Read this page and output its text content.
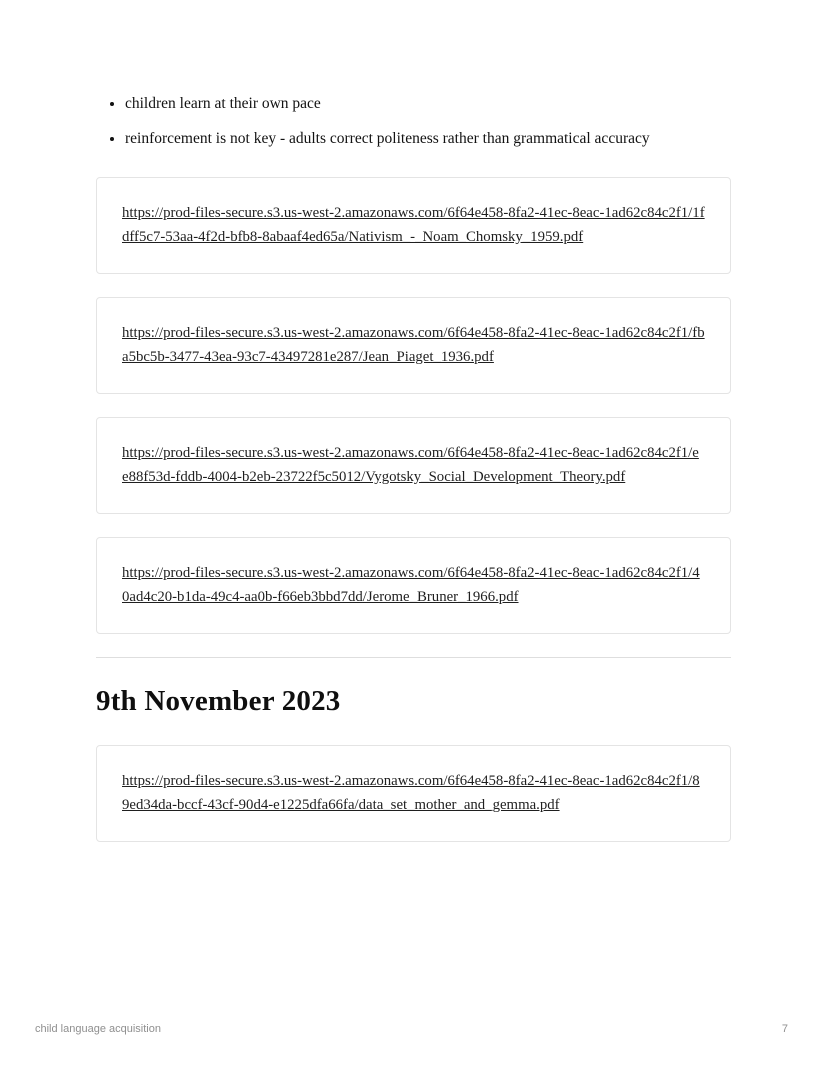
• children learn at their own pace
• reinforcement is not key - adults correct politeness rather than grammatical accuracy
https://prod-files-secure.s3.us-west-2.amazonaws.com/6f64e458-8fa2-41ec-8eac-1ad62c84c2f1/1fdff5c7-53aa-4f2d-bfb8-8abaaf4ed65a/Nativism_-_Noam_Chomsky_1959.pdf
https://prod-files-secure.s3.us-west-2.amazonaws.com/6f64e458-8fa2-41ec-8eac-1ad62c84c2f1/fba5bc5b-3477-43ea-93c7-43497281e287/Jean_Piaget_1936.pdf
https://prod-files-secure.s3.us-west-2.amazonaws.com/6f64e458-8fa2-41ec-8eac-1ad62c84c2f1/ee88f53d-fddb-4004-b2eb-23722f5c5012/Vygotsky_Social_Development_Theory.pdf
https://prod-files-secure.s3.us-west-2.amazonaws.com/6f64e458-8fa2-41ec-8eac-1ad62c84c2f1/40ad4c20-b1da-49c4-aa0b-f66eb3bbd7dd/Jerome_Bruner_1966.pdf
9th November 2023
https://prod-files-secure.s3.us-west-2.amazonaws.com/6f64e458-8fa2-41ec-8eac-1ad62c84c2f1/89ed34da-bccf-43cf-90d4-e1225dfa66fa/data_set_mother_and_gemma.pdf
child language acquisition	7
